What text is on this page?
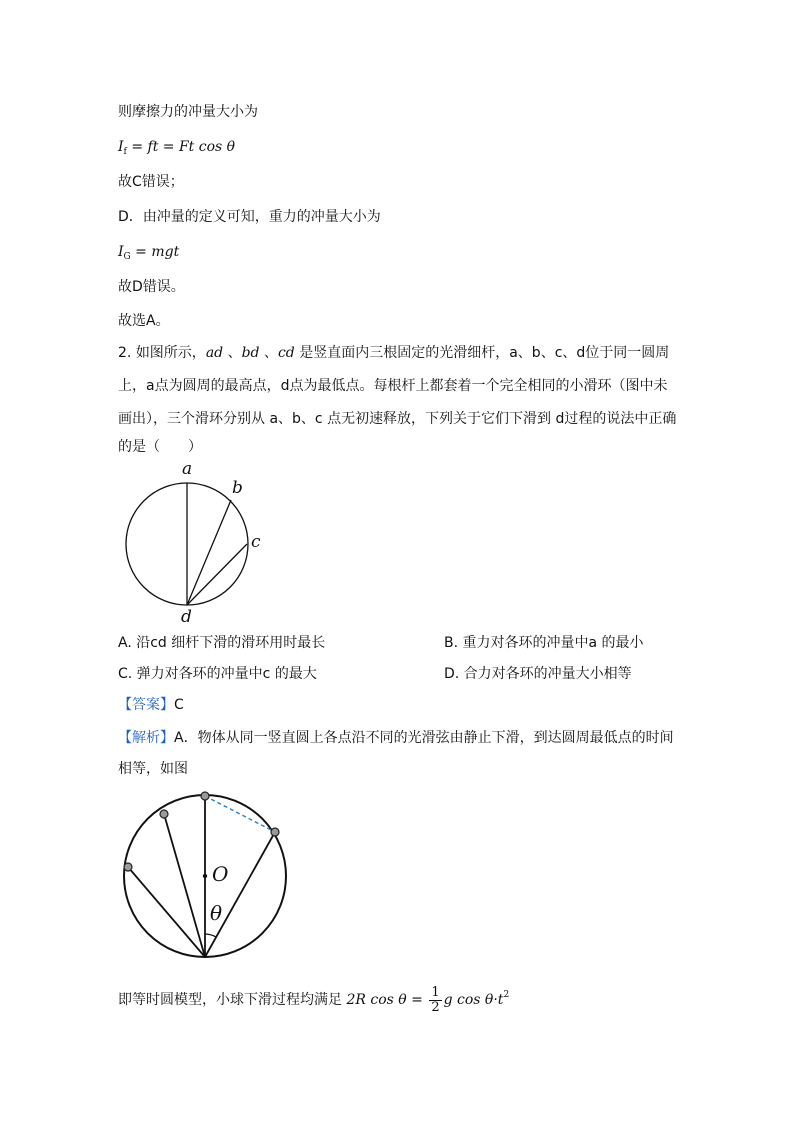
则摩擦力的冲量大小为
$I_f$ = ft = Ft cos θ
故C错误；
D．由冲量的定义可知，重力的冲量大小为
$I_G$ = mgt
故D错误。
故选A。
2. 如图所示，ad 、bd 、cd 是竖直面内三根固定的光滑细杆，a、b、c、d位于同一圆周
上，a点为圆周的最高点，d点为最低点。每根杆上都套着一个完全相同的小滑环（图中未
画出），三个滑环分别从 a、b、c 点无初速释放，下列关于它们下滑到 d过程的说法中正确
的是（　　）
a
b
c
d
A. 沿cd 细杆下滑的滑环用时最长	B. 重力对各环的冲量中a 的最小
C. 弹力对各环的冲量中c 的最大	D. 合力对各环的冲量大小相等
【答案】C
【解析】A．物体从同一竖直圆上各点沿不同的光滑弦由静止下滑，到达圆周最低点的时间
相等，如图
O
θ
即等时圆模型，小球下滑过程均满足 2R $\cos \theta = \frac{1}{2}$ g $\cos \theta\cdot t^2$
